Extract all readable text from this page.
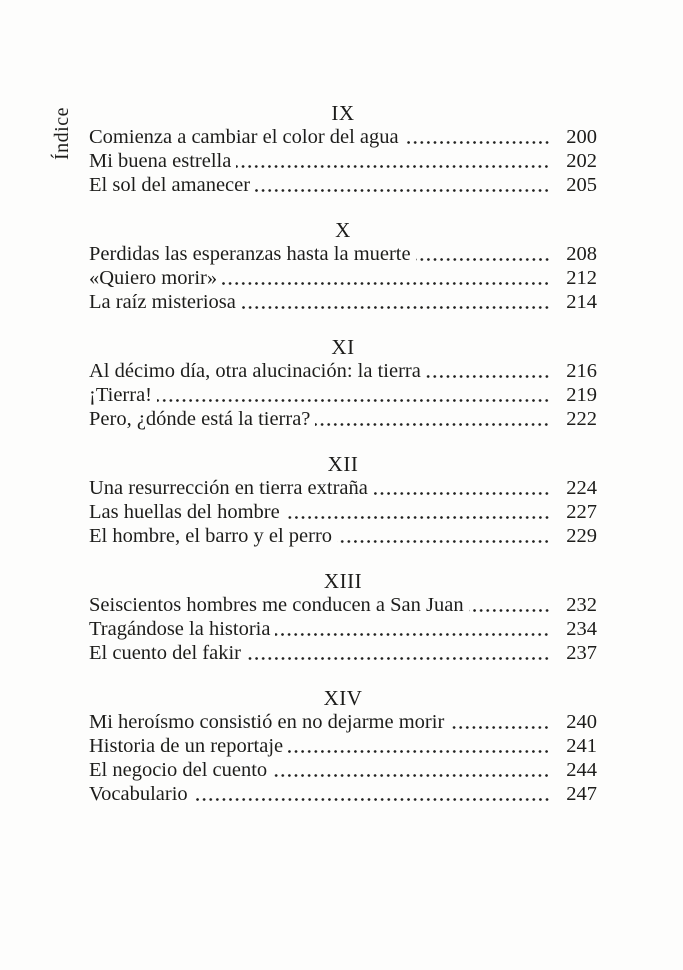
Índice	IX
Comienza a cambiar el color del agua	200
Mi buena estrella	202
El sol del amanecer	205
X
Perdidas las esperanzas hasta la muerte	208
«Quiero morir»	212
La raíz misteriosa	214
XI
Al décimo día, otra alucinación: la tierra	216
¡Tierra!	219
Pero, ¿dónde está la tierra?	222
XII
Una resurrección en tierra extraña	224
Las huellas del hombre	227
El hombre, el barro y el perro	229
XIII
Seiscientos hombres me conducen a San Juan	232
Tragándose la historia	234
El cuento del fakir	237
XIV
Mi heroísmo consistió en no dejarme morir	240
Historia de un reportaje	241
El negocio del cuento	244
Vocabulario	247
